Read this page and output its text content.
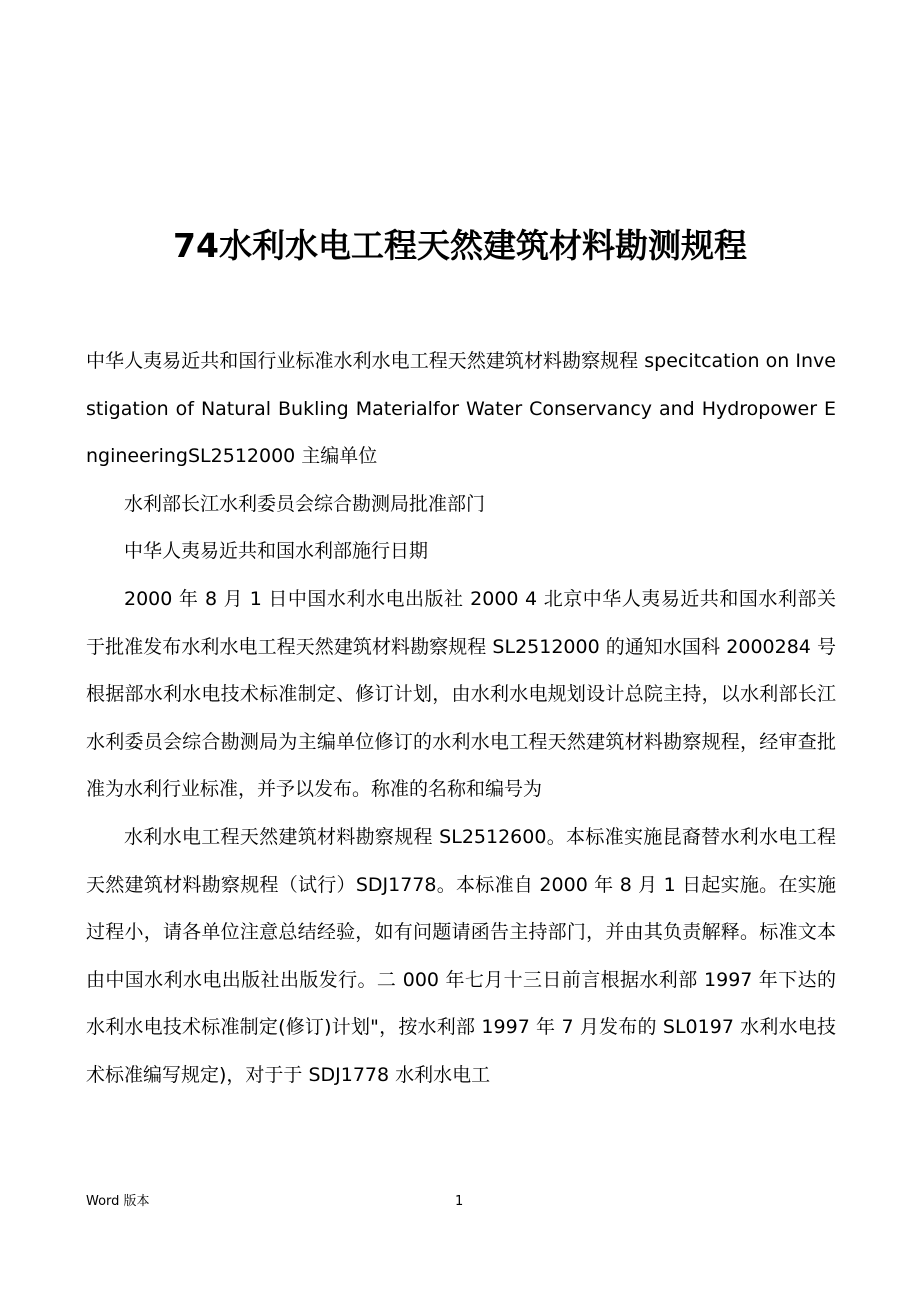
74水利水电工程天然建筑材料勘测规程

中华人夷易近共和国行业标准水利水电工程天然建筑材料勘察规程 specitcation on Investigation of Natural Bukling Materialfor Water Conservancy and Hydropower EngineeringSL2512000 主编单位

水利部长江水利委员会综合勘测局批准部门

中华人夷易近共和国水利部施行日期

2000 年 8 月 1 日中国水利水电出版社 2000 4 北京中华人夷易近共和国水利部关于批准发布水利水电工程天然建筑材料勘察规程 SL2512000 的通知水国科 2000284 号根据部水利水电技术标准制定、修订计划，由水利水电规划设计总院主持，以水利部长江水利委员会综合勘测局为主编单位修订的水利水电工程天然建筑材料勘察规程，经审查批准为水利行业标准，并予以发布。称准的名称和编号为

水利水电工程天然建筑材料勘察规程 SL2512600。本标准实施昆裔替水利水电工程天然建筑材料勘察规程（试行）SDJ1778。本标准自 2000 年 8 月 1 日起实施。在实施过程小，请各单位注意总结经验，如有问题请函告主持部门，并由其负责解释。标准文本由中国水利水电出版社出版发行。二 000 年七月十三日前言根据水利部 1997 年下达的水利水电技术标准制定(修订)计划"，按水利部 1997 年 7 月发布的 SL0197 水利水电技术标准编写规定)，对于于 SDJ1778 水利水电工

Word 版本	1
